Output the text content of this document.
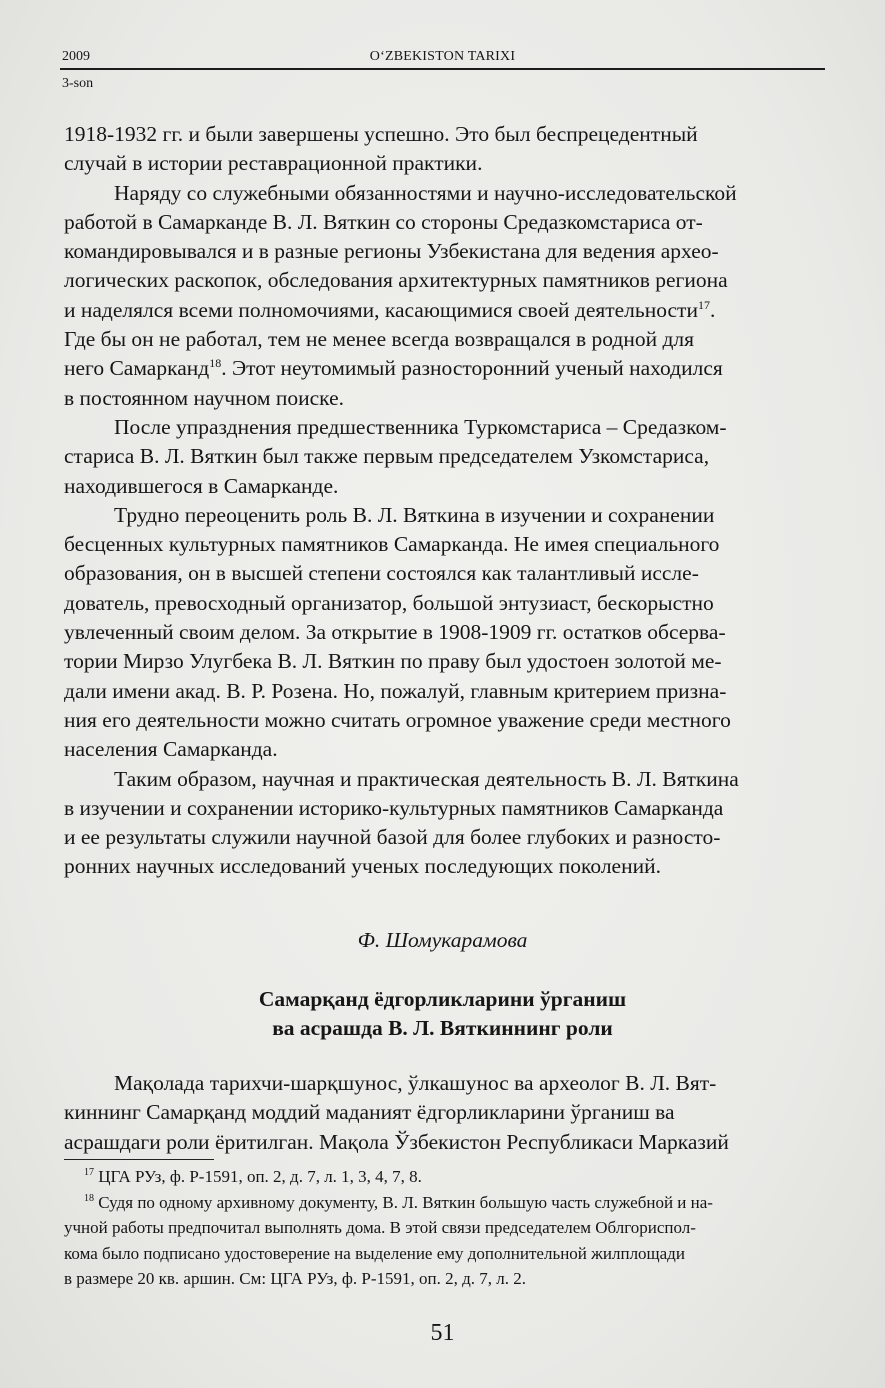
2009	O‘ZBEKISTON TARIXI
3-son

1918-1932 гг. и были завершены успешно. Это был беспрецедентный
случай в истории реставрационной практики.

Наряду со служебными обязанностями и научно-исследовательской
работой в Самарканде В. Л. Вяткин со стороны Средазкомстариса от-
командировывался и в разные регионы Узбекистана для ведения архео-
логических раскопок, обследования архитектурных памятников региона
и наделялся всеми полномочиями, касающимися своей деятельности$^{17}$.
Где бы он не работал, тем не менее всегда возвращался в родной для
него Самарканд$^{18}$. Этот неутомимый разносторонний ученый находился
в постоянном научном поиске.

После упразднения предшественника Туркомстариса – Средазком-
стариса В. Л. Вяткин был также первым председателем Узкомстариса,
находившегося в Самарканде.

Трудно переоценить роль В. Л. Вяткина в изучении и сохранении
бесценных культурных памятников Самарканда. Не имея специального
образования, он в высшей степени состоялся как талантливый иссле-
дователь, превосходный организатор, большой энтузиаст, бескорыстно
увлеченный своим делом. За открытие в 1908-1909 гг. остатков обсерва-
тории Мирзо Улугбека В. Л. Вяткин по праву был удостоен золотой ме-
дали имени акад. В. Р. Розена. Но, пожалуй, главным критерием призна-
ния его деятельности можно считать огромное уважение среди местного
населения Самарканда.

Таким образом, научная и практическая деятельность В. Л. Вяткина
в изучении и сохранении историко-культурных памятников Самарканда
и ее результаты служили научной базой для более глубоких и разносто-
ронних научных исследований ученых последующих поколений.

Ф. Шомукарамова
Самарқанд ёдгорликларини ўрганиш
ва асрашда В. Л. Вяткиннинг роли

Мақолада тарихчи-шарқшунос, ўлкашунос ва археолог В. Л. Вят-
киннинг Самарқанд моддий маданият ёдгорликларини ўрганиш ва
асрашдаги роли ёритилган. Мақола Ўзбекистон Республикаси Марказий

$^{17}$ ЦГА РУз, ф. Р-1591, оп. 2, д. 7, л. 1, 3, 4, 7, 8.

$^{18}$ Судя по одному архивному документу, В. Л. Вяткин большую часть служебной и на-
учной работы предпочитал выполнять дома. В этой связи председателем Облгориспол-
кома было подписано удостоверение на выделение ему дополнительной жилплощади
в размере 20 кв. аршин. См: ЦГА РУз, ф. Р-1591, оп. 2, д. 7, л. 2.

51
